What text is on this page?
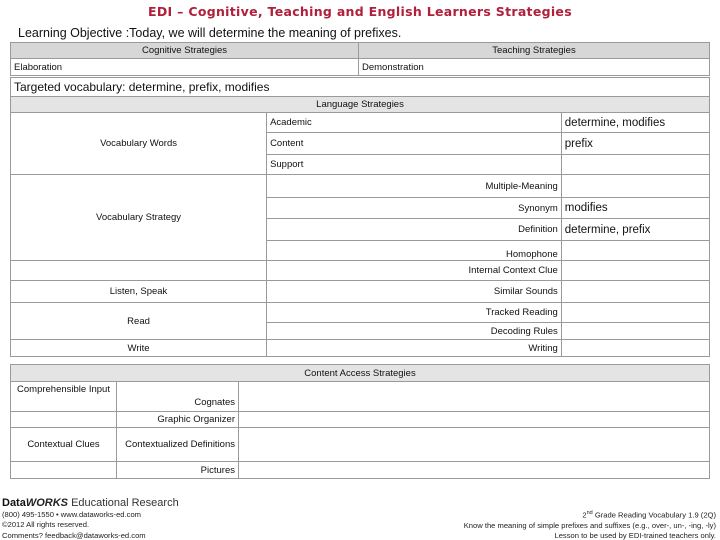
EDI – Cognitive, Teaching and English Learners Strategies
Learning Objective :Today, we will determine the meaning of prefixes.
Cognitive Strategies	Teaching Strategies
Elaboration	Demonstration
Targeted vocabulary: determine, prefix, modifies
Language Strategies		
Vocabulary Words	Academic	determine, modifies
	Content	prefix
	Support	
Vocabulary Strategy	Multiple-Meaning	
	Synonym	modifies
	Definition	determine, prefix
	Homophone	
	Internal Context Clue	
Listen, Speak	Similar Sounds	
Read	Tracked Reading	
	Decoding Rules	
Write	Writing	
Content Access Strategies		
Comprehensible Input	Cognates	
	Graphic Organizer	
Contextual Clues	Contextualized Definitions	
	Pictures	
DataWORKS Educational Research
(800) 495-1550 • www.dataworks-ed.com
©2012 All rights reserved.
Comments? feedback@dataworks-ed.com
2nd Grade Reading Vocabulary 1.9 (2Q)
Know the meaning of simple prefixes and suffixes (e.g., over-, un-, -ing, -ly)
Lesson to be used by EDI-trained teachers only.
